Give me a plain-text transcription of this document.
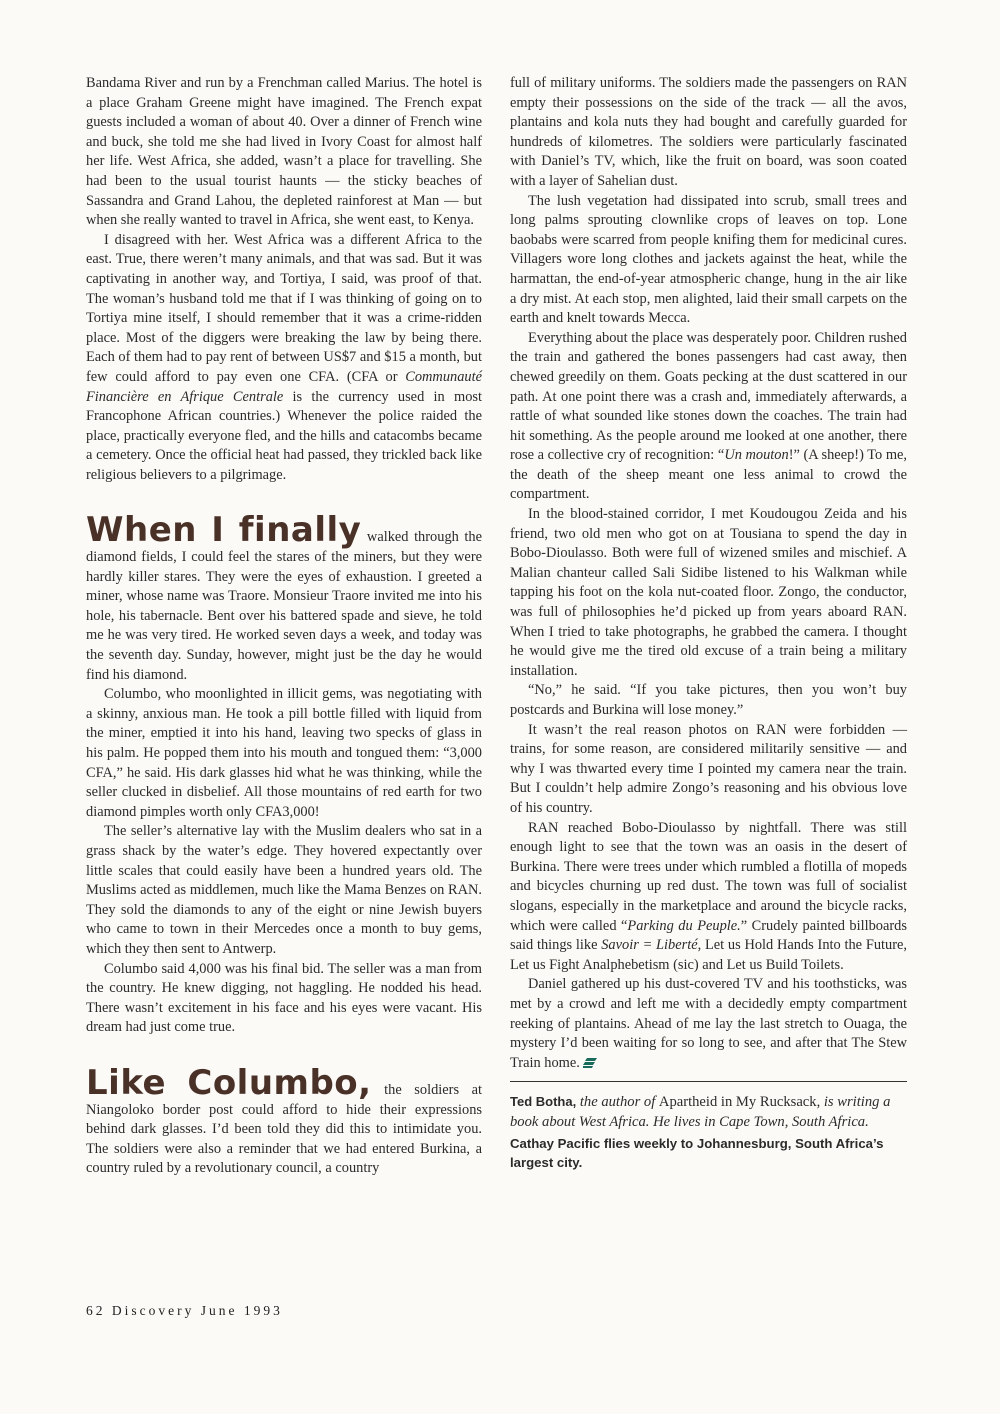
Bandama River and run by a Frenchman called Marius. The hotel is a place Graham Greene might have imagined. The French expat guests included a woman of about 40. Over a dinner of French wine and buck, she told me she had lived in Ivory Coast for almost half her life. West Africa, she added, wasn’t a place for travelling. She had been to the usual tourist haunts — the sticky beaches of Sassandra and Grand Lahou, the depleted rainforest at Man — but when she really wanted to travel in Africa, she went east, to Kenya.

I disagreed with her. West Africa was a different Africa to the east. True, there weren’t many animals, and that was sad. But it was captivating in another way, and Tortiya, I said, was proof of that. The woman’s husband told me that if I was thinking of going on to Tortiya mine itself, I should remember that it was a crime-ridden place. Most of the diggers were breaking the law by being there. Each of them had to pay rent of between US$7 and $15 a month, but few could afford to pay even one CFA. (CFA or Communauté Financière en Afrique Centrale is the currency used in most Francophone African countries.) Whenever the police raided the place, practically everyone fled, and the hills and catacombs became a cemetery. Once the official heat had passed, they trickled back like religious believers to a pilgrimage.

When I finally walked through the diamond fields, I could feel the stares of the miners, but they were hardly killer stares. They were the eyes of exhaustion. I greeted a miner, whose name was Traore. Monsieur Traore invited me into his hole, his tabernacle. Bent over his battered spade and sieve, he told me he was very tired. He worked seven days a week, and today was the seventh day. Sunday, however, might just be the day he would find his diamond.

Columbo, who moonlighted in illicit gems, was negotiating with a skinny, anxious man. He took a pill bottle filled with liquid from the miner, emptied it into his hand, leaving two specks of glass in his palm. He popped them into his mouth and tongued them: “3,000 CFA,” he said. His dark glasses hid what he was thinking, while the seller clucked in disbelief. All those mountains of red earth for two diamond pimples worth only CFA3,000!

The seller’s alternative lay with the Muslim dealers who sat in a grass shack by the water’s edge. They hovered expectantly over little scales that could easily have been a hundred years old. The Muslims acted as middlemen, much like the Mama Benzes on RAN. They sold the diamonds to any of the eight or nine Jewish buyers who came to town in their Mercedes once a month to buy gems, which they then sent to Antwerp.

Columbo said 4,000 was his final bid. The seller was a man from the country. He knew digging, not haggling. He nodded his head. There wasn’t excitement in his face and his eyes were vacant. His dream had just come true.

Like Columbo, the soldiers at Niangoloko border post could afford to hide their expressions behind dark glasses. I’d been told they did this to intimidate you. The soldiers were also a reminder that we had entered Burkina, a country ruled by a revolutionary council, a country

full of military uniforms. The soldiers made the passengers on RAN empty their possessions on the side of the track — all the avos, plantains and kola nuts they had bought and carefully guarded for hundreds of kilometres. The soldiers were particularly fascinated with Daniel’s TV, which, like the fruit on board, was soon coated with a layer of Sahelian dust.

The lush vegetation had dissipated into scrub, small trees and long palms sprouting clownlike crops of leaves on top. Lone baobabs were scarred from people knifing them for medicinal cures. Villagers wore long clothes and jackets against the heat, while the harmattan, the end-of-year atmospheric change, hung in the air like a dry mist. At each stop, men alighted, laid their small carpets on the earth and knelt towards Mecca.

Everything about the place was desperately poor. Children rushed the train and gathered the bones passengers had cast away, then chewed greedily on them. Goats pecking at the dust scattered in our path. At one point there was a crash and, immediately afterwards, a rattle of what sounded like stones down the coaches. The train had hit something. As the people around me looked at one another, there rose a collective cry of recognition: “Un mouton!” (A sheep!) To me, the death of the sheep meant one less animal to crowd the compartment.

In the blood-stained corridor, I met Koudougou Zeida and his friend, two old men who got on at Tousiana to spend the day in Bobo-Dioulasso. Both were full of wizened smiles and mischief. A Malian chanteur called Sali Sidibe listened to his Walkman while tapping his foot on the kola nut-coated floor. Zongo, the conductor, was full of philosophies he’d picked up from years aboard RAN. When I tried to take photographs, he grabbed the camera. I thought he would give me the tired old excuse of a train being a military installation.

“No,” he said. “If you take pictures, then you won’t buy postcards and Burkina will lose money.”

It wasn’t the real reason photos on RAN were forbidden — trains, for some reason, are considered militarily sensitive — and why I was thwarted every time I pointed my camera near the train. But I couldn’t help admire Zongo’s reasoning and his obvious love of his country.

RAN reached Bobo-Dioulasso by nightfall. There was still enough light to see that the town was an oasis in the desert of Burkina. There were trees under which rumbled a flotilla of mopeds and bicycles churning up red dust. The town was full of socialist slogans, especially in the marketplace and around the bicycle racks, which were called “Parking du Peuple.” Crudely painted billboards said things like Savoir = Liberté, Let us Hold Hands Into the Future, Let us Fight Analphebetism (sic) and Let us Build Toilets.

Daniel gathered up his dust-covered TV and his toothsticks, was met by a crowd and left me with a decidedly empty compartment reeking of plantains. Ahead of me lay the last stretch to Ouaga, the mystery I’d been waiting for so long to see, and after that The Stew Train home.

Ted Botha, the author of Apartheid in My Rucksack, is writing a book about West Africa. He lives in Cape Town, South Africa.

Cathay Pacific flies weekly to Johannesburg, South Africa’s largest city.

62 Discovery June 1993
